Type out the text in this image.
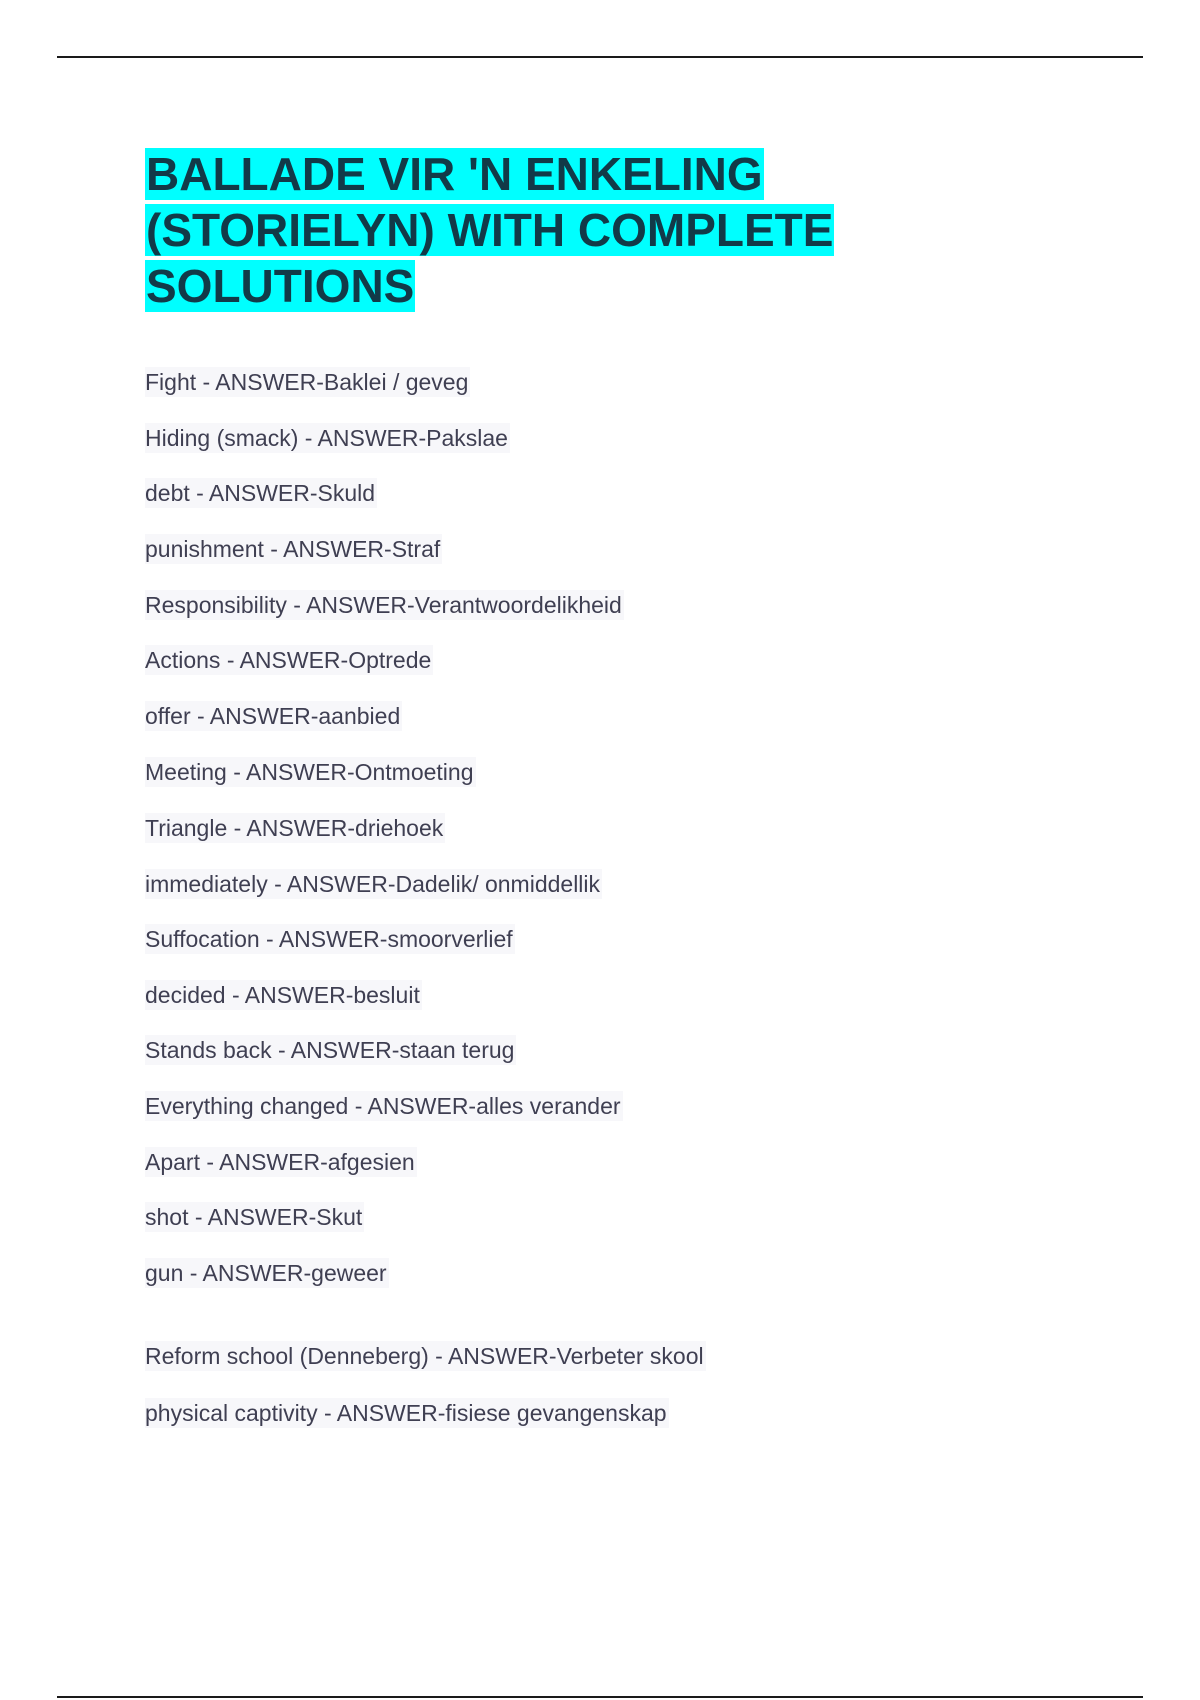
BALLADE VIR 'N ENKELING
(STORIELYN) WITH COMPLETE
SOLUTIONS
Fight - ANSWER-Baklei / geveg
Hiding (smack) - ANSWER-Pakslae
debt - ANSWER-Skuld
punishment - ANSWER-Straf
Responsibility - ANSWER-Verantwoordelikheid
Actions - ANSWER-Optrede
offer - ANSWER-aanbied
Meeting - ANSWER-Ontmoeting
Triangle - ANSWER-driehoek
immediately - ANSWER-Dadelik/ onmiddellik
Suffocation - ANSWER-smoorverlief
decided - ANSWER-besluit
Stands back - ANSWER-staan terug
Everything changed - ANSWER-alles verander
Apart - ANSWER-afgesien
shot - ANSWER-Skut
gun - ANSWER-geweer
Reform school (Denneberg) - ANSWER-Verbeter skool
physical captivity - ANSWER-fisiese gevangenskap
